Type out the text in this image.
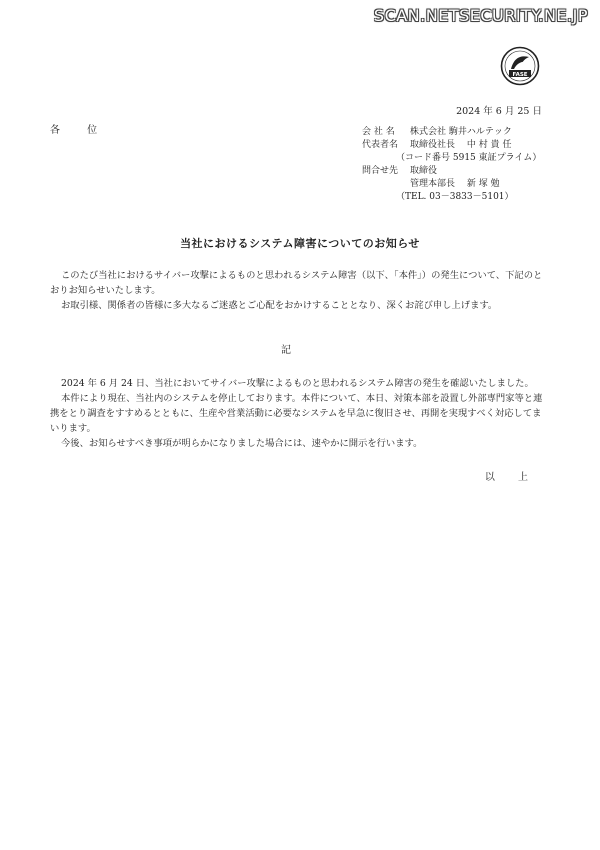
SCAN.NETSECURITY.NE.JP
FASE
2024 年 6 月 25 日
各 位	会 社 名	株式会社 駒井ハルテック
代表者名	取締役社長　 中 村 貴 任
（コード番号 5915 東証プライム）
問合せ先	取締役
管理本部長　 新 塚 勉
（TEL. 03－3833－5101）
当社におけるシステム障害についてのお知らせ
このたび当社におけるサイバー攻撃によるものと思われるシステム障害（以下、「本件」）の発生について、下記のとおりお知らせいたします。
お取引様、関係者の皆様に多大なるご迷惑とご心配をおかけすることとなり、深くお詫び申し上げます。
記
2024 年 6 月 24 日、当社においてサイバー攻撃によるものと思われるシステム障害の発生を確認いたしました。
本件により現在、当社内のシステムを停止しております。本件について、本日、対策本部を設置し外部専門家等と連携をとり調査をすすめるとともに、生産や営業活動に必要なシステムを早急に復旧させ、再開を実現すべく対応してまいります。
今後、お知らせすべき事項が明らかになりました場合には、速やかに開示を行います。
以 上
